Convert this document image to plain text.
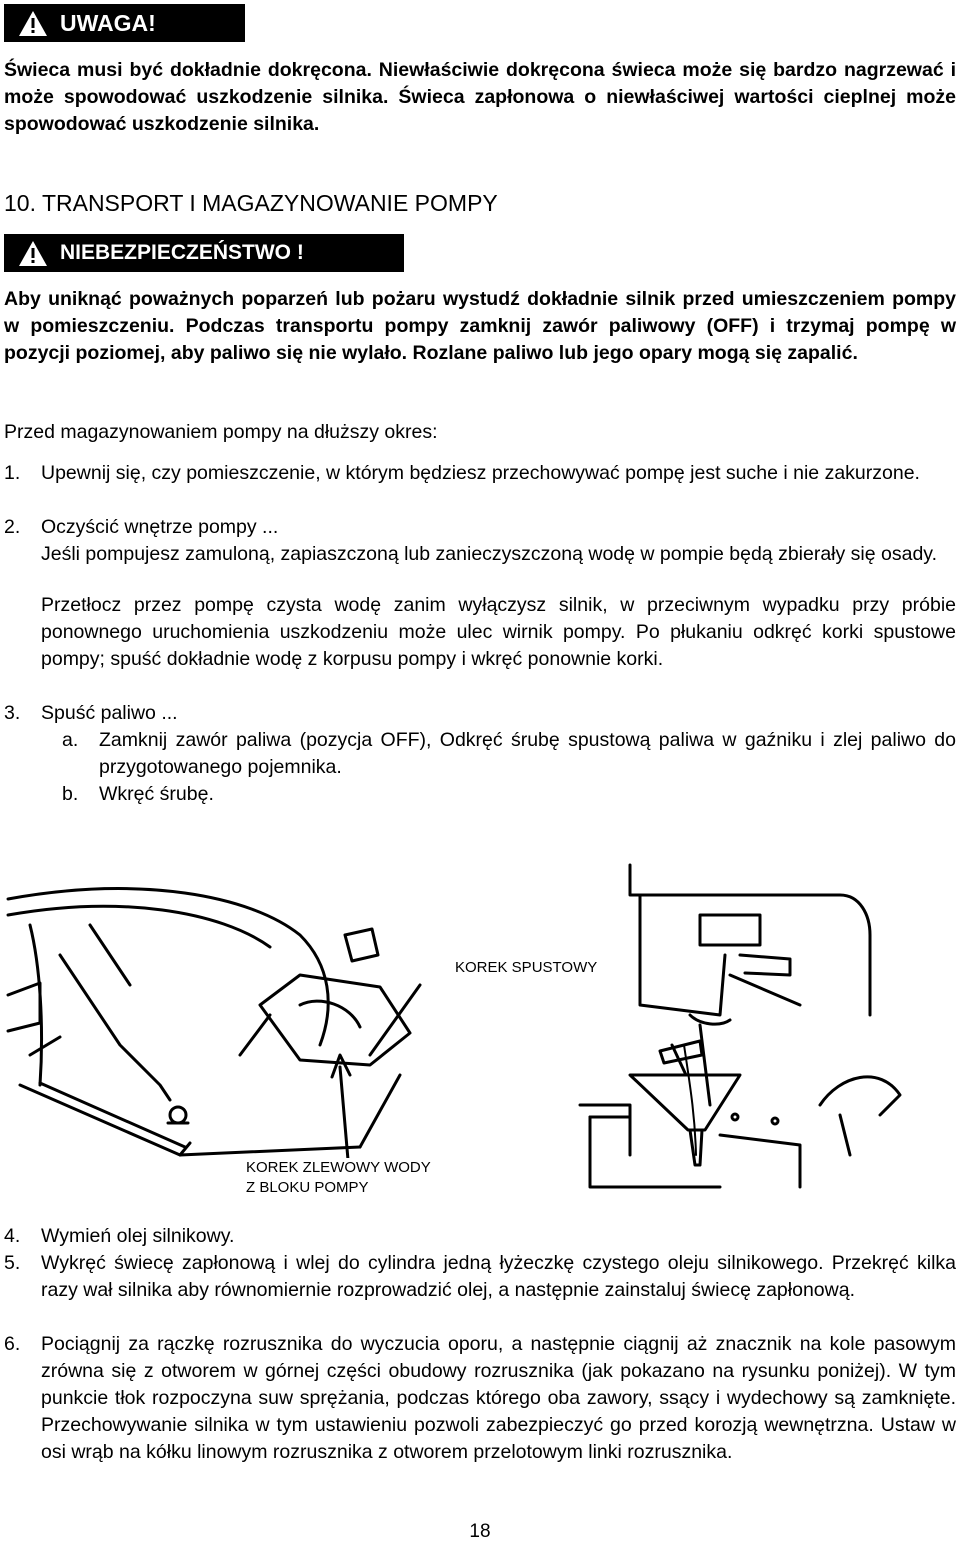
UWAGA!

Świeca musi być dokładnie dokręcona. Niewłaściwie dokręcona świeca może się bardzo nagrzewać i może spowodować uszkodzenie silnika. Świeca zapłonowa o niewłaściwej wartości cieplnej może spowodować uszkodzenie silnika.

10. TRANSPORT I MAGAZYNOWANIE POMPY
NIEBEZPIECZEŃSTWO !

Aby uniknąć poważnych poparzeń lub pożaru wystudź dokładnie silnik przed umieszczeniem pompy w pomieszczeniu. Podczas transportu pompy zamknij zawór paliwowy (OFF) i trzymaj pompę w pozycji poziomej, aby paliwo się nie wylało. Rozlane paliwo lub jego opary mogą się zapalić.

Przed magazynowaniem pompy na dłuższy okres:
1. Upewnij się, czy pomieszczenie, w którym będziesz przechowywać pompę jest suche i nie zakurzone.
2. Oczyścić wnętrze pompy ...
Jeśli pompujesz zamuloną, zapiaszczoną lub zanieczyszczoną wodę w pompie będą zbierały się osady.
Przetłocz przez pompę czysta wodę zanim wyłączysz silnik, w przeciwnym wypadku przy próbie ponownego uruchomienia uszkodzeniu może ulec wirnik pompy. Po płukaniu odkręć korki spustowe pompy; spuść dokładnie wodę z korpusu pompy i wkręć ponownie korki.
3. Spuść paliwo ...
a. Zamknij zawór paliwa (pozycja OFF), Odkręć śrubę spustową paliwa w gaźniku i zlej paliwo do przygotowanego pojemnika.
b. Wkręć śrubę.
KOREK SPUSTOWY
KOREK ZLEWOWY WODY
Z BLOKU POMPY
4. Wymień olej silnikowy.
5. Wykręć świecę zapłonową i wlej do cylindra jedną łyżeczkę czystego oleju silnikowego. Przekręć kilka razy wał silnika aby równomiernie rozprowadzić olej, a następnie zainstaluj świecę zapłonową.
6. Pociągnij za rączkę rozrusznika do wyczucia oporu, a następnie ciągnij aż znacznik na kole pasowym zrówna się z otworem w górnej części obudowy rozrusznika (jak pokazano na rysunku poniżej). W tym punkcie tłok rozpoczyna suw sprężania, podczas którego oba zawory, ssący i wydechowy są zamknięte. Przechowywanie silnika w tym ustawieniu pozwoli zabezpieczyć go przed korozją wewnętrzna. Ustaw w osi wrąb na kółku linowym rozrusznika z otworem przelotowym linki rozrusznika.
18
